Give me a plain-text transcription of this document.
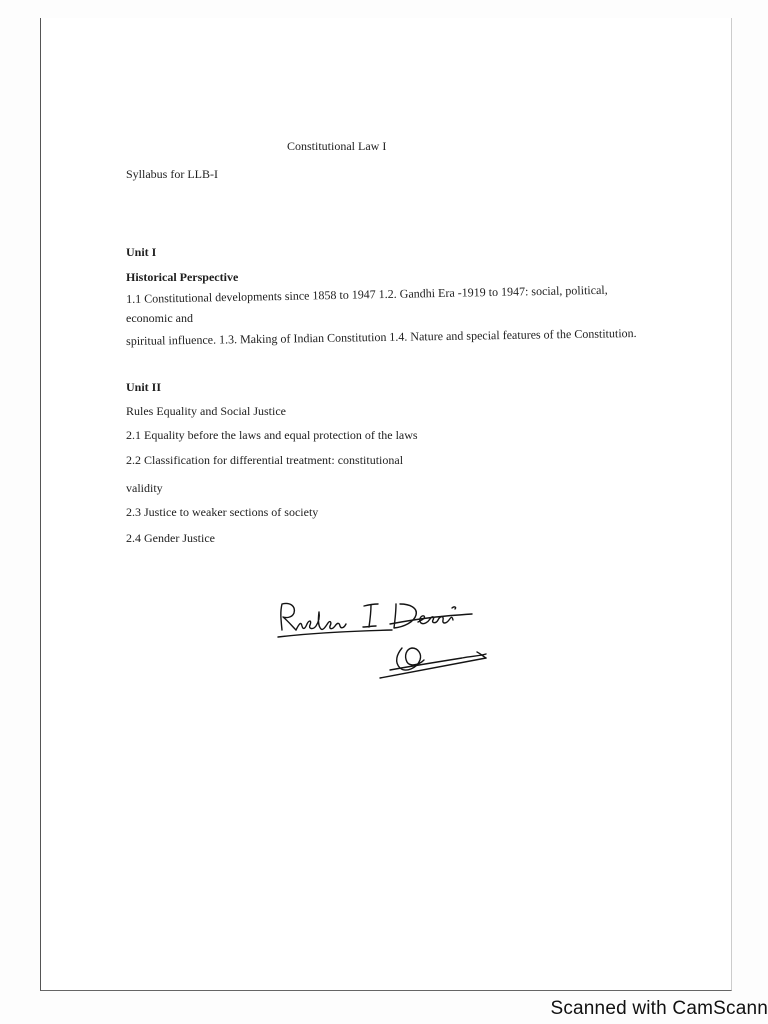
Constitutional Law I
Syllabus for LLB-I
Unit I
Historical Perspective
1.1 Constitutional developments since 1858 to 1947 1.2. Gandhi Era -1919 to 1947: social, political,
economic and
spiritual influence. 1.3. Making of Indian Constitution 1.4. Nature and special features of the Constitution.
Unit II
Rules Equality and Social Justice
2.1 Equality before the laws and equal protection of the laws
2.2 Classification for differential treatment: constitutional
validity
2.3 Justice to weaker sections of society
2.4 Gender Justice
Scanned with CamScann
